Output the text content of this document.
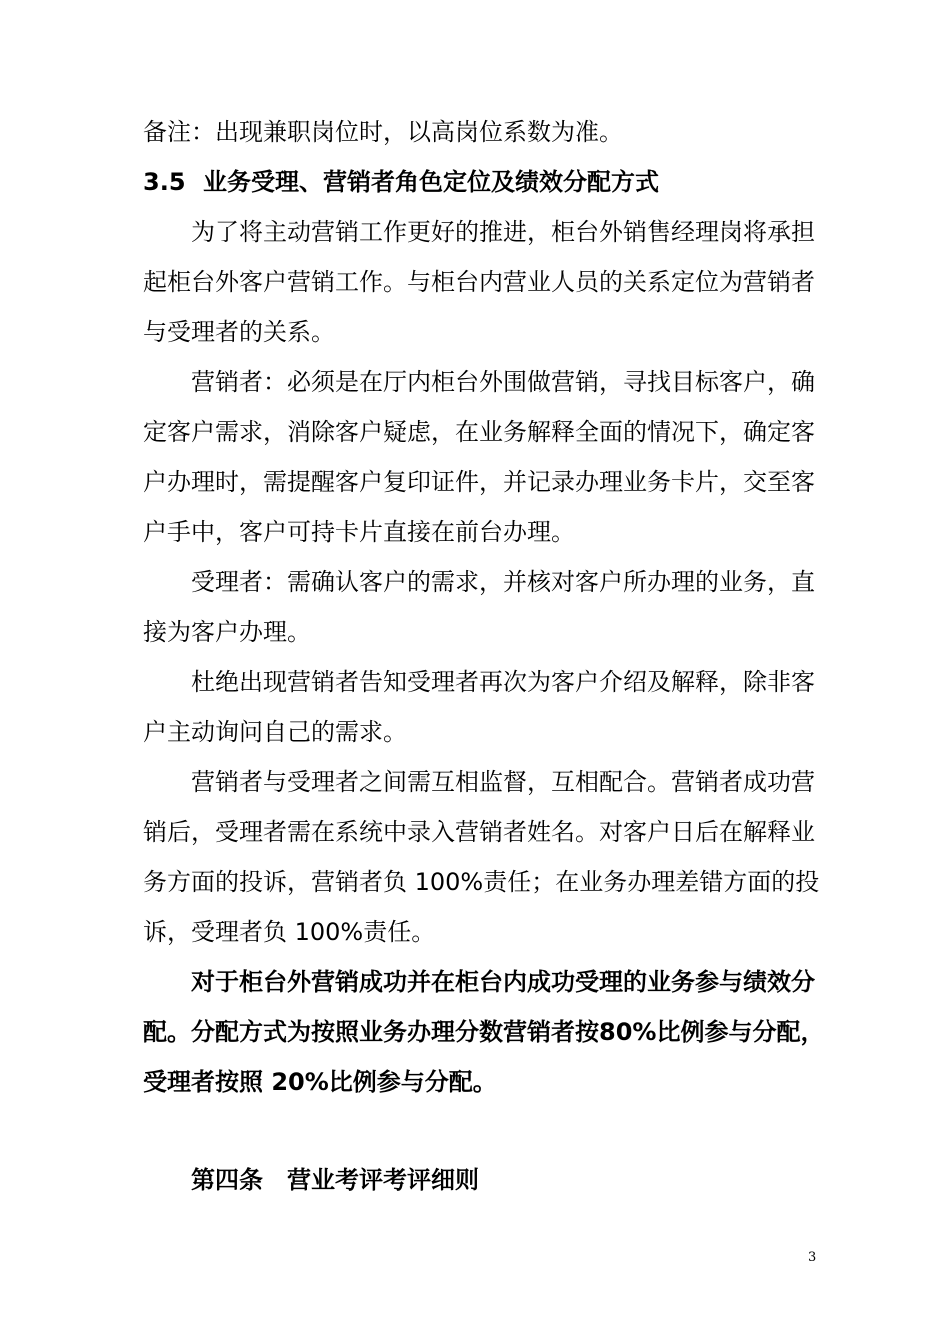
备注：出现兼职岗位时，以高岗位系数为准。
3.5 业务受理、营销者角色定位及绩效分配方式
为了将主动营销工作更好的推进，柜台外销售经理岗将承担
起柜台外客户营销工作。与柜台内营业人员的关系定位为营销者
与受理者的关系。
营销者：必须是在厅内柜台外围做营销，寻找目标客户，确
定客户需求，消除客户疑虑，在业务解释全面的情况下，确定客
户办理时，需提醒客户复印证件，并记录办理业务卡片，交至客
户手中，客户可持卡片直接在前台办理。
受理者：需确认客户的需求，并核对客户所办理的业务，直
接为客户办理。
杜绝出现营销者告知受理者再次为客户介绍及解释，除非客
户主动询问自己的需求。
营销者与受理者之间需互相监督，互相配合。营销者成功营
销后，受理者需在系统中录入营销者姓名。对客户日后在解释业
务方面的投诉，营销者负 100%责任；在业务办理差错方面的投
诉，受理者负 100%责任。
对于柜台外营销成功并在柜台内成功受理的业务参与绩效分
配。分配方式为按照业务办理分数营销者按80%比例参与分配，
受理者按照 20%比例参与分配。
第四条 营业考评考评细则
3
